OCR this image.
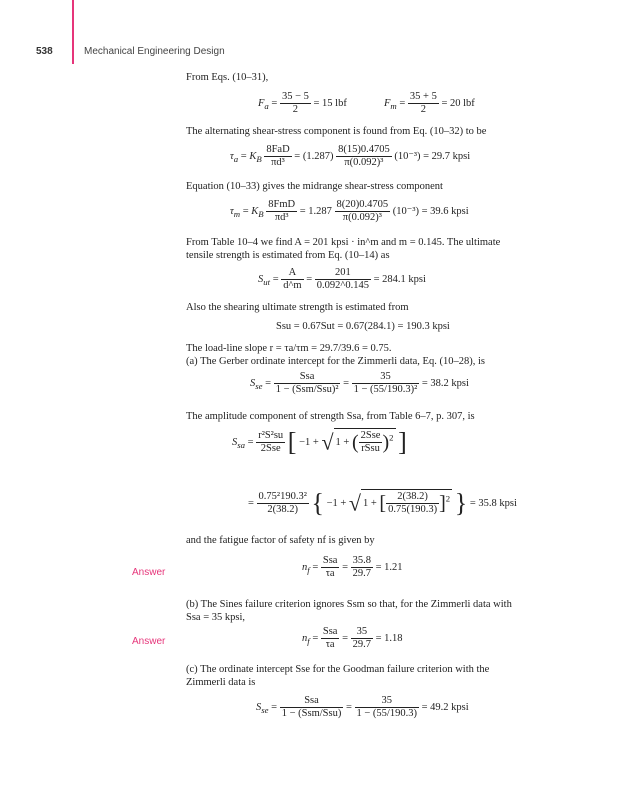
538	Mechanical Engineering Design
From Eqs. (10–31),
$F_a = \frac{35 - 5}{2} = 15$ lbf	$F_m = \frac{35 + 5}{2} = 20$ lbf
The alternating shear-stress component is found from Eq. (10–32) to be
$\tau_a = K_B \frac{\text{8FaD}}{\text{πd³}} = (1.287) \frac{8(15)0.4705}{\text{π(0.092)³}} (10^{-3}) = 29.7$ kpsi
Equation (10–33) gives the midrange shear-stress component
$\tau_m = K_B \frac{\text{8FmD}}{\text{πd³}} = 1.287 \frac{8(20)0.4705}{\text{π(0.092)³}} (10^{-3}) = 39.6$ kpsi
From Table 10–4 we find A = 201 kpsi · in^m and m = 0.145. The ultimate tensile strength is estimated from Eq. (10–14) as
$S_{ut} = \frac{A}{d\^{}m} = \frac{201}{0.092\^{}0.145} = 284.1$ kpsi
Also the shearing ultimate strength is estimated from
Ssu = 0.67Sut = 0.67(284.1) = 190.3 kpsi
The load-line slope r = τa/τm = 29.7/39.6 = 0.75.
(a) The Gerber ordinate intercept for the Zimmerli data, Eq. (10–28), is
$S_{se} = \frac{\text{Ssa}}{\text{1 − (Ssm/Ssu)²}} = \frac{35}{\text{1 − (55/190.3)²}} = 38.2$ kpsi
The amplitude component of strength Ssa, from Table 6–7, p. 307, is
$S_{sa} = \frac{\text{r²S²su}}{\text{2Sse}}$ [ −1 + √ 1 + ( $\frac{\text{2Sse}}{\text{rSsu}} )^2$ ]
= $\frac{\text{0.75²190.3²}}{2(38.2)}$ { −1 + √ 1 + [ $\frac{2(38.2)}{0.75(190.3)} ]^2$ } = 35.8 kpsi
and the fatigue factor of safety nf is given by
Answer	$n_f = \frac{\text{Ssa}}{\tau a} = \frac{35.8}{29.7} = 1.21$
(b) The Sines failure criterion ignores Ssm so that, for the Zimmerli data with Ssa = 35 kpsi,
Answer	$n_f = \frac{\text{Ssa}}{\tau a} = \frac{35}{29.7} = 1.18$
(c) The ordinate intercept Sse for the Goodman failure criterion with the Zimmerli data is
$S_{se} = \frac{\text{Ssa}}{\text{1 − (Ssm/Ssu)}} = \frac{35}{1 - (55/190.3)} = 49.2$ kpsi
